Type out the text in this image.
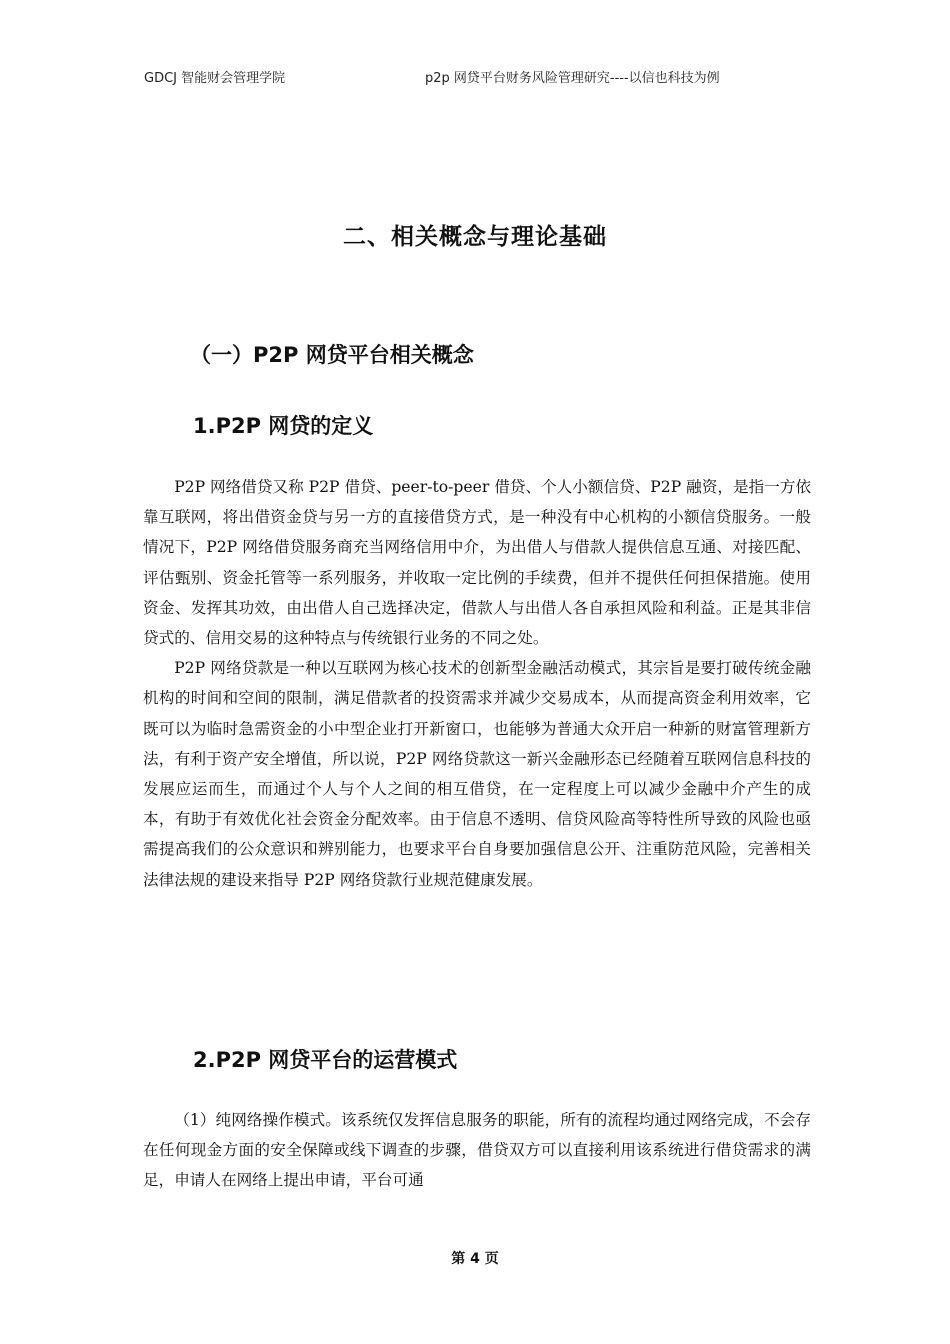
GDCJ 智能财会管理学院	p2p 网贷平台财务风险管理研究----以信也科技为例
二、相关概念与理论基础
（一）P2P 网贷平台相关概念
1.P2P 网贷的定义

P2P 网络借贷又称 P2P 借贷、peer-to-peer 借贷、个人小额信贷、P2P 融资，是指一方依靠互联网，将出借资金贷与另一方的直接借贷方式，是一种没有中心机构的小额信贷服务。一般情况下，P2P 网络借贷服务商充当网络信用中介，为出借人与借款人提供信息互通、对接匹配、评估甄别、资金托管等一系列服务，并收取一定比例的手续费，但并不提供任何担保措施。使用资金、发挥其功效，由出借人自己选择决定，借款人与出借人各自承担风险和利益。正是其非信贷式的、信用交易的这种特点与传统银行业务的不同之处。

P2P 网络贷款是一种以互联网为核心技术的创新型金融活动模式，其宗旨是要打破传统金融机构的时间和空间的限制，满足借款者的投资需求并减少交易成本，从而提高资金利用效率，它既可以为临时急需资金的小中型企业打开新窗口，也能够为普通大众开启一种新的财富管理新方法，有利于资产安全增值，所以说，P2P 网络贷款这一新兴金融形态已经随着互联网信息科技的发展应运而生，而通过个人与个人之间的相互借贷，在一定程度上可以减少金融中介产生的成本，有助于有效优化社会资金分配效率。由于信息不透明、信贷风险高等特性所导致的风险也亟需提高我们的公众意识和辨别能力，也要求平台自身要加强信息公开、注重防范风险，完善相关法律法规的建设来指导 P2P 网络贷款行业规范健康发展。

2.P2P 网贷平台的运营模式

（1）纯网络操作模式。该系统仅发挥信息服务的职能，所有的流程均通过网络完成，不会存在任何现金方面的安全保障或线下调查的步骤，借贷双方可以直接利用该系统进行借贷需求的满足，申请人在网络上提出申请，平台可通

第 4 页
